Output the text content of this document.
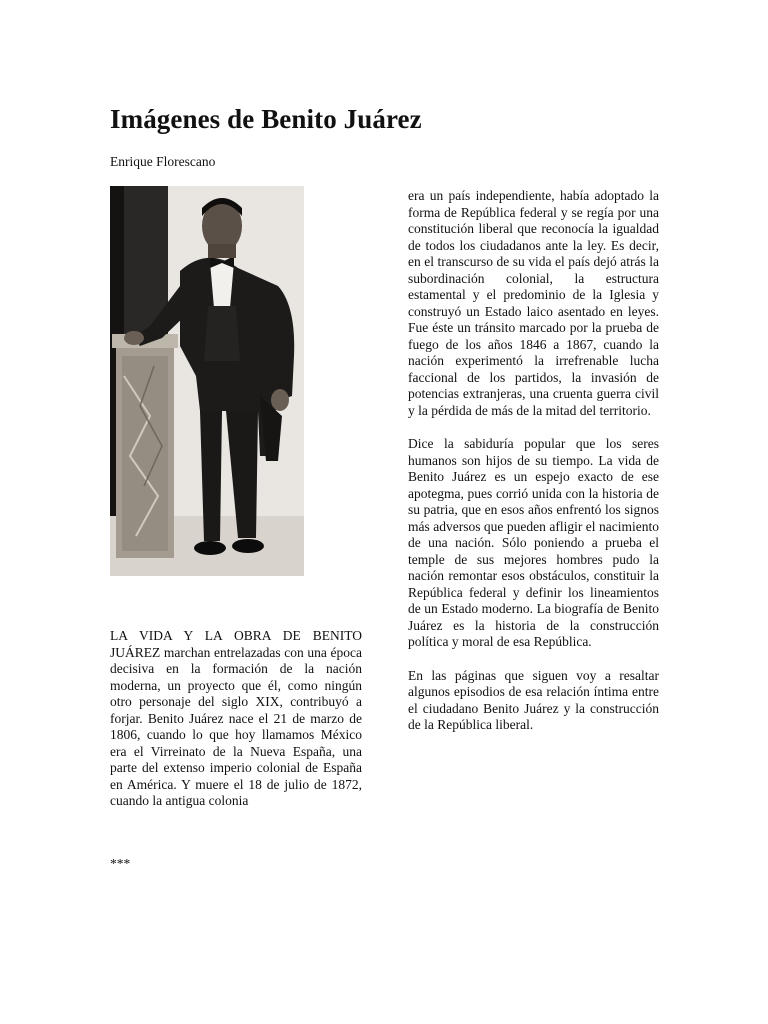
Imágenes de Benito Juárez
Enrique Florescano

LA VIDA Y LA OBRA DE BENITO JUÁREZ marchan entrelazadas con una época decisiva en la formación de la nación moderna, un proyecto que él, como ningún otro personaje del siglo XIX, contribuyó a forjar. Benito Juárez nace el 21 de marzo de 1806, cuando lo que hoy llamamos México era el Virreinato de la Nueva España, una parte del extenso imperio colonial de España en América. Y muere el 18 de julio de 1872, cuando la antigua colonia

***

era un país independiente, había adoptado la forma de República federal y se regía por una constitución liberal que reconocía la igualdad de todos los ciudadanos ante la ley. Es decir, en el transcurso de su vida el país dejó atrás la subordinación colonial, la estructura estamental y el predominio de la Iglesia y construyó un Estado laico asentado en leyes. Fue éste un tránsito marcado por la prueba de fuego de los años 1846 a 1867, cuando la nación experimentó la irrefrenable lucha faccional de los partidos, la invasión de potencias extranjeras, una cruenta guerra civil y la pérdida de más de la mitad del territorio.

Dice la sabiduría popular que los seres humanos son hijos de su tiempo. La vida de Benito Juárez es un espejo exacto de ese apotegma, pues corrió unida con la historia de su patria, que en esos años enfrentó los signos más adversos que pueden afligir el nacimiento de una nación. Sólo poniendo a prueba el temple de sus mejores hombres pudo la nación remontar esos obstáculos, constituir la República federal y definir los lineamientos de un Estado moderno. La biografía de Benito Juárez es la historia de la construcción política y moral de esa República.

En las páginas que siguen voy a resaltar algunos episodios de esa relación íntima entre el ciudadano Benito Juárez y la construcción de la República liberal.
